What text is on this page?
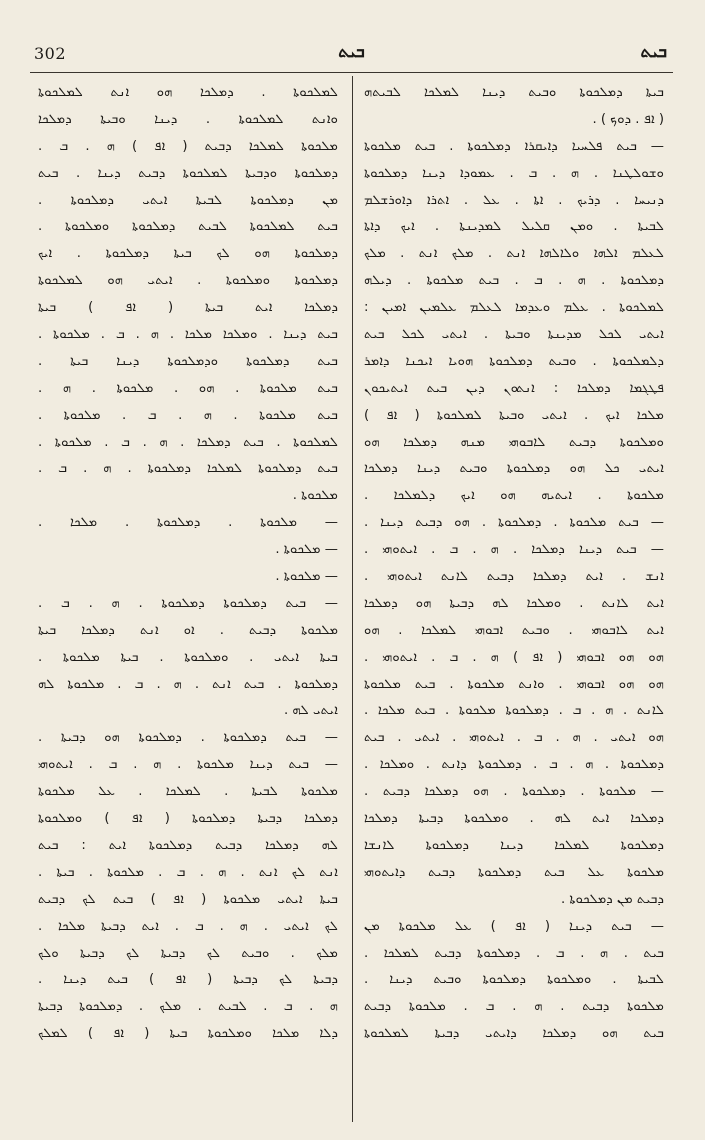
302	ܒܝܬ	ܒܝܬ
ܒܝܬܐ ܕܡܠܟܘܬܐ ܘܒܝܬ ܕܝܢܐ ܠܡܠܟܐ ܠܒܝܬܗ
( ܐܦ . ܕܘܟ ) .
— ܒܝܬ ܦܠܚܝܐ ܕܐܝܩܪܐ ܕܡܠܟܘܬܐ . ܒܝܬ ܡܠܟܘܬܐ
ܘܫܘܠܛܢܐ . ܗ . ܒ . ܥܡܘܕܐ ܕܝܢܐ ܕܡܠܟܘܬܐ
ܕܢܝܚܐ . ܕܪܝܟ . ܐܬܐ . ܥܠ . ܐܬܪܐ ܕܐܘܪܫܠܡ
ܠܒܝܬܐ . ܘܡܢ ܩܠܝܠ ܠܡܕܝܢܬܐ . ܐܝܟ ܕܐܬܐ
ܠܥܠܡ ܐܠܗܐ ܘܠܐܠܗܐ ܐܢܬ . ܡܠܟ ܐܢܬ . ܡܠܟ
ܕܡܠܟܘܬܐ . ܗ . ܒ . ܒܝܬ ܡܠܟܘܬܐ . ܕܝܠܗ
ܠܡܠܟܘܬܐ . ܥܠܡ ܘܥܕܡܐ ܠܥܠܡ ܥܠܡܝܢ ܐܡܝܢ :
ܐܝܬܝ ܠܟܠ ܡܕܝܢܬܐ ܘܒܝܬܐ . ܐܝܬܝ ܠܟܠ ܒܝܬ
ܕܠܡܠܟܘܬܐ . ܘܒܝܬ ܕܡܠܟܘܬܐ ܗܘܝܐ ܐܝܟܢܐ ܕܐܡܪ
ܦܛܓܡܐ ܕܡܠܟܐ : ܐܢܬܘܢ ܕܝܢ ܒܝܬ ܐܝܬܝܟܘܢ
ܡܠܟܐ ܐܝܟ . ܐܝܬܝ ܘܒܝܬܐ ܠܡܠܟܘܬܐ ( ܐܦ )
ܘܡܠܟܘܬܐ ܕܒܝܬ ܠܐܒܘܗܝ ܡܢܗ ܕܡܠܟܐ ܗܘ
ܐܝܬܝ ܟܠ ܗܘ ܕܡܠܟܘܬܐ ܘܒܝܬ ܕܝܢܐ ܕܡܠܟܐ
ܡܠܟܘܬܐ . ܐܝܬܝܗ ܗܘ ܐܝܟ ܕܠܡܠܟܐ .
— ܒܝܬ ܡܠܟܘܬܐ . ܕܡܠܟܘܬܐ . ܗܘ ܕܒܝܬ ܕܝܢܐ .
— ܒܝܬ ܕܝܢܐ ܕܡܠܟܐ . ܗ . ܒ . ܐܝܬܘܗܝ .
ܐܢܫ . ܐܝܬ ܕܡܠܟܐ ܕܒܝܬ ܠܐܢܬ ܐܝܬܘܗܝ .
ܐܝܬ ܠܐܢܬ . ܘܡܠܟܐ ܠܗ ܕܒܝܬܐ ܗܘ ܕܡܠܟܐ
ܐܝܬ ܠܐܒܘܗܝ . ܘܒܝܬ ܐܒܘܗܝ ܠܡܠܟܐ . ܗܘ
ܗܘ ܗܘ ܐܒܘܗܝ ( ܐܦ ) ܗ . ܒ . ܐܝܬܘܗܝ .
ܗܘ ܗܘ ܐܒܘܗܝ . ܘܐܢܬ ܡܠܟܘܬܐ . ܒܝܬ ܡܠܟܘܬܐ
ܠܐܢܬ . ܗ . ܒ . ܕܡܠܟܘܬܐ ܡܠܟܘܬܐ . ܒܝܬ ܡܠܟܐ .
ܗܘ ܐܝܬܝ . ܗ . ܒ . ܐܝܬܘܗܝ . ܐܝܬܝ . ܒܝܬ
ܕܡܠܟܘܬܐ . ܗ . ܒ . ܕܡܠܟܘܬܐ ܕܐܢܬ . ܘܡܠܟܐ .
— ܡܠܟܘܬܐ . ܕܡܠܟܘܬܐ . ܗܘ ܕܡܠܟܐ ܕܒܝܬ .
ܕܡܠܟܐ ܐܝܬ ܠܗ . ܘܡܠܟܘܬܐ ܕܒܝܬܐ ܕܡܠܟܐ
ܕܡܠܟܘܬܐ ܠܡܠܟܐ ܕܝܢܐ ܕܡܠܟܘܬܐ ܠܐܢܫܐ
ܡܠܟܘܬܐ ܥܠ ܒܝܬ ܕܡܠܟܘܬܐ ܕܒܝܬ ܕܐܝܬܘܗܝ
ܕܒܝܬ ܡܢ ܕܡܠܟܘܬܐ .
— ܒܝܬ ܕܝܢܐ ( ܐܦ ) ܥܠ ܡܠܟܘܬܐ ܡܢ
ܒܝܬ . ܗ . ܒ . ܕܡܠܟܘܬܐ ܕܒܝܬ ܠܡܠܟܐ .
ܠܒܝܬܐ . ܘܡܠܟܘܬܐ ܕܡܠܟܘܬܐ ܘܒܝܬ ܕܝܢܐ .
ܡܠܟܘܬܐ ܕܒܝܬ . ܗ . ܒ . ܡܠܟܘܬܐ ܕܒܝܬ
ܒܝܬ ܗܘ ܕܡܠܟܐ ܕܐܝܬܝ ܕܒܝܬܐ ܠܡܠܟܘܬܐ
ܠܡܠܟܘܬܐ . ܕܡܠܟܐ ܗܘ ܐܢܬ ܠܡܠܟܘܬܐ
ܘܐܢܬ ܠܡܠܟܘܬܐ . ܕܝܢܐ ܘܒܝܬܐ ܕܡܠܟܐ
ܡܠܟܘܬܐ ܠܡܠܟܐ ܕܒܝܬ ( ܐܦ ) ܗ . ܒ .
ܕܡܠܟܘܬܐ ܘܕܒܝܬܐ ܠܡܠܟܘܬܐ ܕܒܝܬ ܕܝܢܐ . ܒܝܬ
ܡܢ ܕܡܠܟܘܬܐ ܠܒܝܬܐ ܐܝܬܝ ܕܡܠܟܘܬܐ .
ܒܝܬ ܠܡܠܟܘܬܐ ܠܒܝܬ ܕܡܠܟܘܬܐ ܘܡܠܟܘܬܐ .
ܕܡܠܟܘܬܐ ܗܘ ܠܟ ܒܝܬܐ ܕܡܠܟܘܬܐ . ܐܝܟ
ܕܡܠܟܘܬܐ ܘܡܠܟܘܬܐ . ܐܝܬܝ ܗܘ ܠܡܠܟܘܬܐ
ܕܡܠܟܐ ܐܝܬ ܒܝܬܐ ( ܐܦ ) ܒܝܬܐ
ܒܝܬ ܕܝܢܐ . ܘܡܠܟܐ ܡܠܟܐ . ܗ . ܒ . ܡܠܟܘܬܐ .
ܒܝܬ ܕܡܠܟܘܬܐ ܘܕܡܠܟܘܬܐ ܕܝܢܐ ܒܝܬܐ .
ܒܝܬ ܡܠܟܘܬܐ . ܗܘ . ܡܠܟܘܬܐ . ܗ .
ܒܝܬ ܡܠܟܘܬܐ . ܗ . ܒ . ܡܠܟܘܬܐ .
ܠܡܠܟܘܬܐ . ܒܝܬ ܕܡܠܟܐ . ܗ . ܒ . ܡܠܟܘܬܐ .
ܒܝܬ ܕܡܠܟܘܬܐ ܠܡܠܟܐ ܕܡܠܟܘܬܐ . ܗ . ܒ .
ܡܠܟܘܬܐ .
— ܡܠܟܘܬܐ . ܕܡܠܟܘܬܐ . ܡܠܟܐ .
— ܡܠܟܘܬܐ .
— ܡܠܟܘܬܐ .
— ܒܝܬ ܕܡܠܟܘܬܐ ܕܡܠܟܘܬܐ . ܗ . ܒ .
ܡܠܟܘܬܐ ܕܒܝܬ . ܐܘ ܐܢܬ ܕܡܠܟܐ ܒܝܬܐ
ܒܝܬܐ ܐܝܬܝ . ܘܡܠܟܘܬܐ . ܒܝܬܐ ܡܠܟܘܬܐ .
ܕܡܠܟܘܬܐ . ܒܝܬ ܐܢܬ . ܗ . ܒ . ܡܠܟܘܬܐ ܠܗ
ܐܝܬܝ ܠܗ .
— ܒܝܬ ܕܡܠܟܘܬܐ . ܕܡܠܟܘܬܐ ܗܘ ܕܒܝܬܐ .
— ܒܝܬ ܕܝܢܐ ܡܠܟܘܬܐ . ܗ . ܒ . ܐܝܬܘܗܝ
ܡܠܟܘܬܐ ܠܒܝܬܐ . ܠܡܠܟܐ . ܥܠ ܡܠܟܘܬܐ
ܕܡܠܟܐ ܕܒܝܬܐ ܕܡܠܟܘܬܐ ( ܐܦ ) ܘܡܠܟܘܬܐ
ܠܗ ܕܡܠܟܐ ܕܒܝܬ ܕܡܠܟܘܬܐ ܐܝܬ : ܒܝܬ
ܐܢܬ ܠܟ ܐܢܬ . ܗ . ܒ . ܡܠܟܘܬܐ . ܒܝܬܐ .
ܒܝܬܐ ܐܝܬܝ ܡܠܟܘܬܐ ( ܐܦ ) ܒܝܬ ܠܟ ܕܒܝܬ
ܠܟ ܐܝܬܝ . ܗ . ܒ . ܐܝܬ ܕܒܝܬܐ ܡܠܟܐ .
ܡܠܟ . ܘܒܝܬ ܠܟ ܕܒܝܬܐ ܠܟ ܕܒܝܬܐ ܘܠܟ
ܕܒܝܬܐ ܠܟ ܕܒܝܬܐ ( ܐܦ ) ܒܝܬ ܕܝܢܐ .
ܗ . ܒ . ܠܒܝܬ . ܡܠܟ . ܕܡܠܟܘܬܐ ܕܒܝܬܐ
ܕܠܐ ܡܠܟܐ ܘܡܠܟܘܬܐ ܒܝܬܐ ( ܐܦ ) ܠܡܠܟ
